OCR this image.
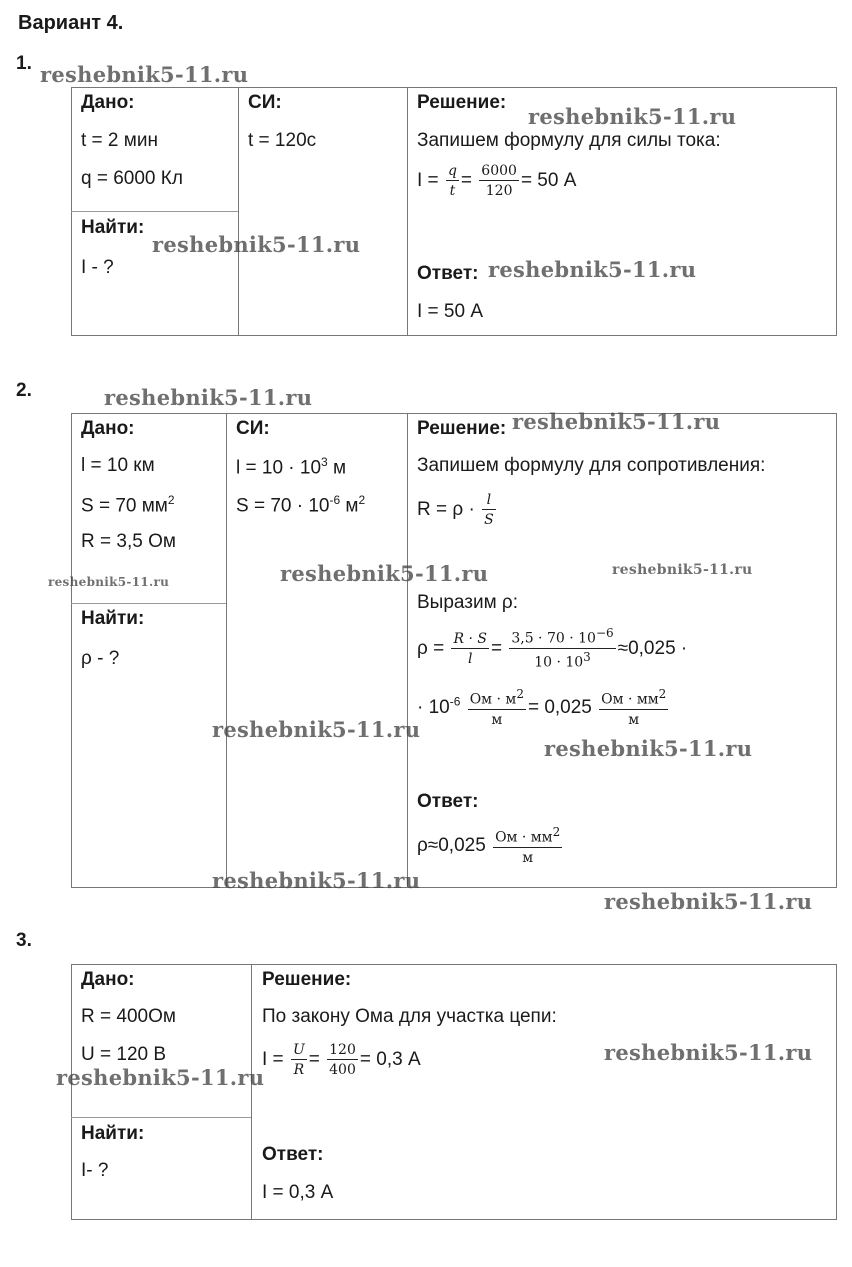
Вариант 4.
1.
Дано:
t = 2 мин
q = 6000 Кл
Найти:
I - ?
СИ:
t = 120с
Решение:
Запишем формулу для силы тока:
$I = \frac{q}{t} = \frac{6000}{120} = 50$ А
Ответ:
I = 50 А
2.
Дано:
l = 10 км
S = 70 $мм^2$
R = 3,5 Ом
Найти:
ρ - ?
СИ:
$l = 10 \cdot 10^3$ м
$S = 70 \cdot 10^{-6}$ $м^2$
Решение:
Запишем формулу для сопротивления:
$R = \rho \cdot \frac{l}{S}$
Выразим ρ:
$\rho = \frac{R \cdot S}{l} = \frac{3,5 \cdot 70 \cdot 10^{-6}}{10 \cdot 10^3} \approx 0,025$ ·
· $10^{-6} \frac{Ом \cdot м^2}{м} = 0,025 \frac{Ом \cdot мм^2}{м}$
Ответ:
$\rho\approx 0,025 \frac{Ом \cdot мм^2}{м}$
3.
Дано:
R = 400Ом
U = 120 В
Найти:
I- ?
Решение:
По закону Ома для участка цепи:
$I = \frac{U}{R} = \frac{120}{400} = 0,3$ А
Ответ:
I = 0,3 А
reshebnik5-11.ru
reshebnik5-11.ru
reshebnik5-11.ru
reshebnik5-11.ru
reshebnik5-11.ru
reshebnik5-11.ru
reshebnik5-11.ru	reshebnik5-11.ru	reshebnik5-11.ru
reshebnik5-11.ru
reshebnik5-11.ru
reshebnik5-11.ru
reshebnik5-11.ru
reshebnik5-11.ru
reshebnik5-11.ru
